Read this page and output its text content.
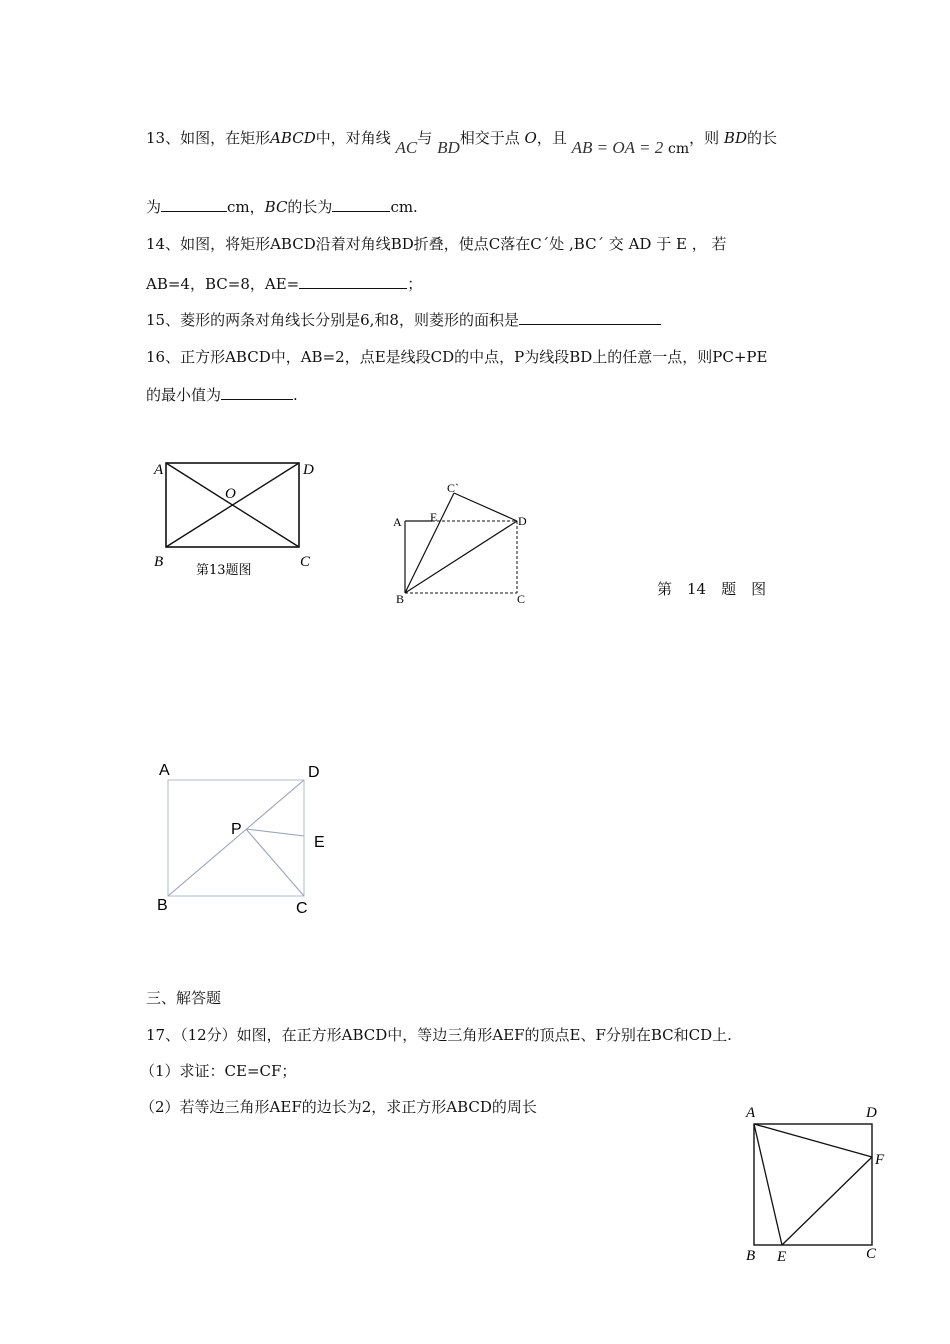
13、如图，在矩形ABCD中，对角线 AC与 BD相交于点 O，且 AB = OA = 2 cm，则 BD的长
为	cm，BC的长为	cm.
14、如图，将矩形ABCD沿着对角线BD折叠，使点C落在C´处 ,BC´ 交 AD 于 E ， 若
AB=4，BC=8，AE=	；
15、菱形的两条对角线长分别是6,和8，则菱形的面积是
16、正方形ABCD中，AB=2，点E是线段CD的中点，P为线段BD上的任意一点，则PC+PE
的最小值为	.
A	D
O
B	C
第13题图
C`
A E	D
B	C
第　14　题　图
A	D
P
E
B	C
三、解答题
17、（12分）如图，在正方形ABCD中，等边三角形AEF的顶点E、F分别在BC和CD上.
（1）求证：CE=CF；
（2）若等边三角形AEF的边长为2，求正方形ABCD的周长	A	D
F
B E	C
